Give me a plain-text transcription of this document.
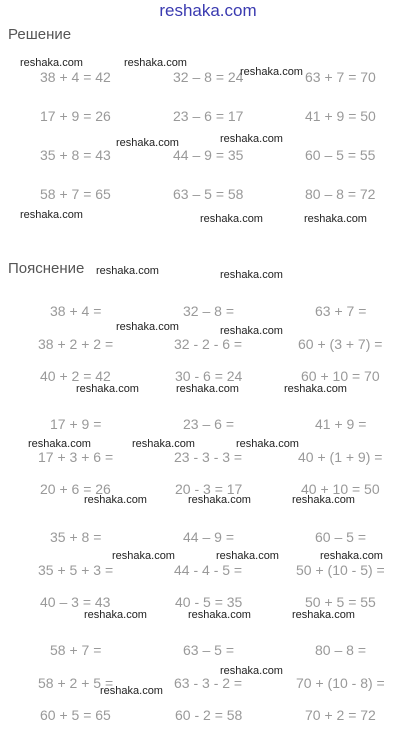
reshaka.com
Решение
Пояснение
38 + 4 = 42	32 – 8 = 24	63 + 7 = 70
17 + 9 = 26	23 – 6 = 17	41 + 9 = 50
35 + 8 = 43	44 – 9 = 35	60 – 5 = 55
58 + 7 = 65	63 – 5 = 58	80 – 8 = 72
38 + 4 =	32 – 8 =	63 + 7 =
38 + 2 + 2 =	32 - 2 - 6 =	60 + (3 + 7) =
40 + 2 = 42	30 - 6 = 24	60 + 10 = 70
17 + 9 =	23 – 6 =	41 + 9 =
17 + 3 + 6 =	23 - 3 - 3 =	40 + (1 + 9) =
20 + 6 = 26	20 - 3 = 17	40 + 10 = 50
35 + 8 =	44 – 9 =	60 – 5 =
35 + 5 + 3 =	44 - 4 - 5 =	50 + (10 - 5) =
40 – 3 = 43	40 - 5 = 35	50 + 5 = 55
58 + 7 =	63 – 5 =	80 – 8 =
58 + 2 + 5 =	63 - 3 - 2 =	70 + (10 - 8) =
60 + 5 = 65	60 - 2 = 58	70 + 2 = 72
reshaka.com	reshaka.com
reshaka.com
reshaka.com	reshaka.com
reshaka.com	reshaka.com	reshaka.com
reshaka.com	reshaka.com
reshaka.com	reshaka.com
reshaka.com	reshaka.com	reshaka.com
reshaka.com	reshaka.com	reshaka.com
reshaka.com	reshaka.com	reshaka.com
reshaka.com	reshaka.com	reshaka.com
reshaka.com	reshaka.com	reshaka.com
reshaka.com
reshaka.com
